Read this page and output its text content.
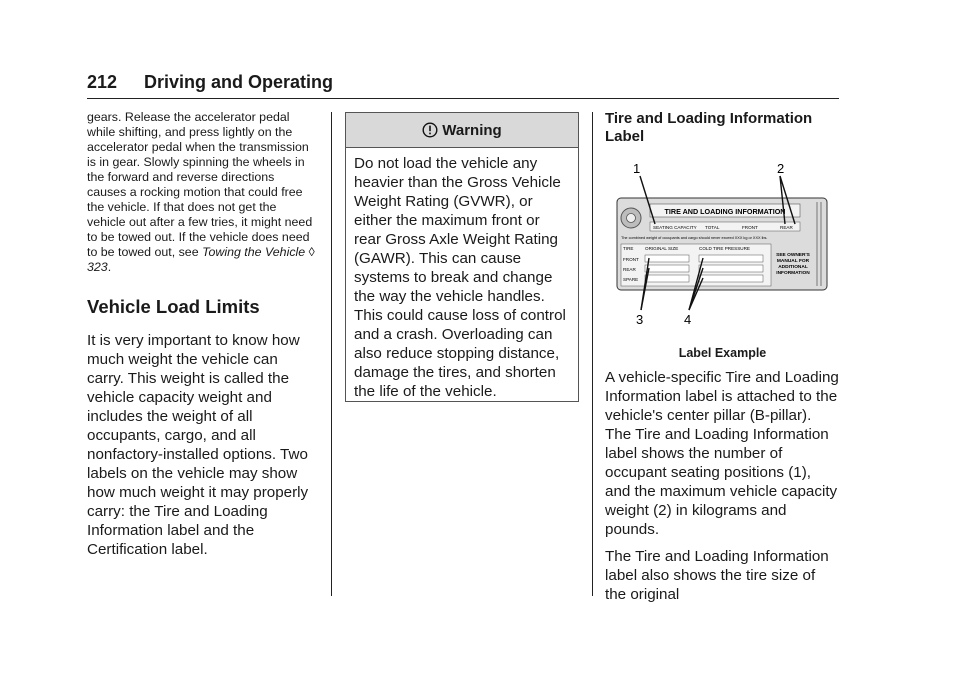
212 Driving and Operating

gears. Release the accelerator pedal while shifting, and press lightly on the accelerator pedal when the transmission is in gear. Slowly spinning the wheels in the forward and reverse directions causes a rocking motion that could free the vehicle. If that does not get the vehicle out after a few tries, it might need to be towed out. If the vehicle does need to be towed out, see Towing the Vehicle ◊ 323.

Vehicle Load Limits

It is very important to know how much weight the vehicle can carry. This weight is called the vehicle capacity weight and includes the weight of all occupants, cargo, and all nonfactory-installed options. Two labels on the vehicle may show how much weight it may properly carry: the Tire and Loading Information label and the Certification label.

Warning
Do not load the vehicle any heavier than the Gross Vehicle Weight Rating (GVWR), or either the maximum front or rear Gross Axle Weight Rating (GAWR). This can cause systems to break and change the way the vehicle handles. This could cause loss of control and a crash. Overloading can also reduce stopping distance, damage the tires, and shorten the life of the vehicle.
Tire and Loading Information Label
1	2
3	4
TIRE AND LOADING INFORMATION
SEATING CAPACITY TOTAL	FRONT	REAR
The combined weight of occupants and cargo should never exceed XXX kg or XXX lbs.
TIRE	ORIGINAL SIZE	COLD TIRE PRESSURE
FRONT
REAR
SPARE
SEE OWNER'S
MANUAL FOR
ADDITIONAL
INFORMATION
Label Example

A vehicle-specific Tire and Loading Information label is attached to the vehicle's center pillar (B-pillar). The Tire and Loading Information label shows the number of occupant seating positions (1), and the maximum vehicle capacity weight (2) in kilograms and pounds.

The Tire and Loading Information label also shows the tire size of the original
